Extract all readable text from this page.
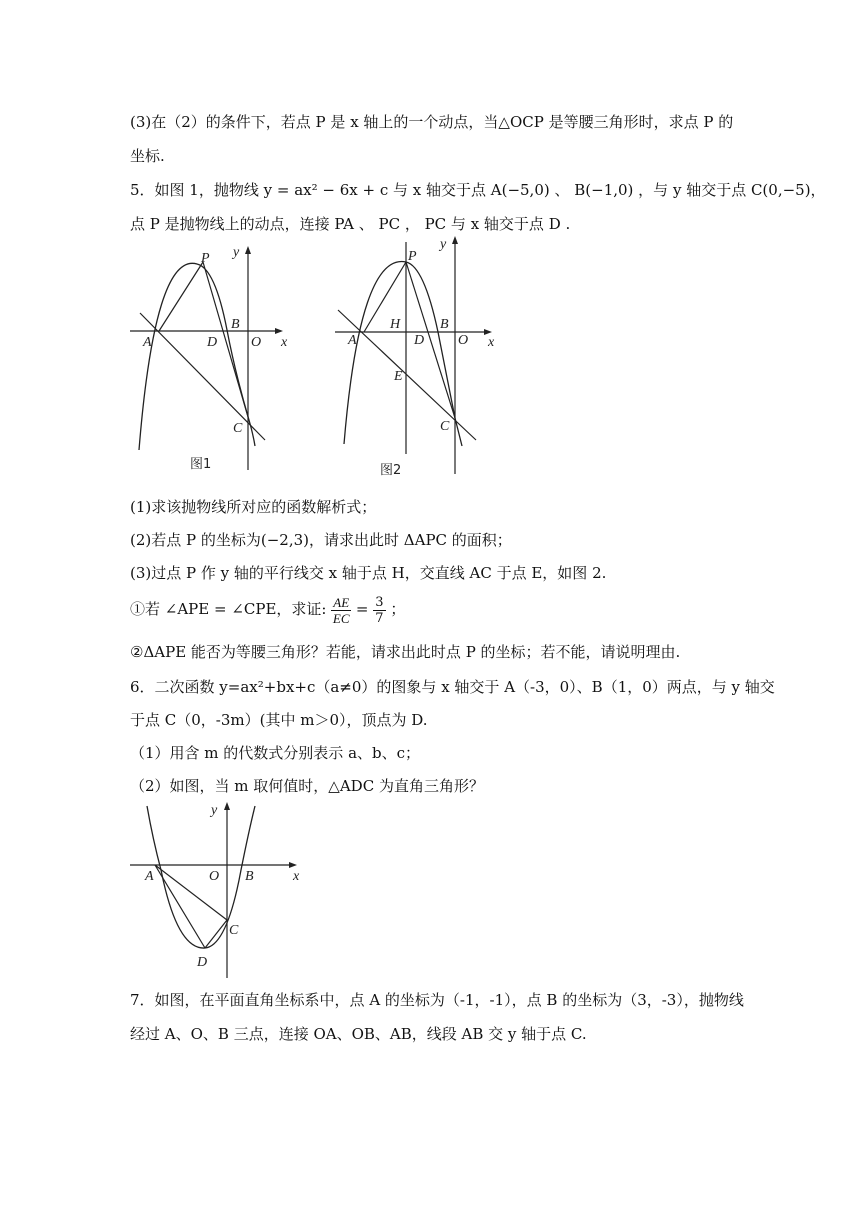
(3)在（2）的条件下，若点 P 是 x 轴上的一个动点，当△OCP 是等腰三角形时，求点 P 的
坐标.
5．如图 1，抛物线 y = ax² − 6x + c 与 x 轴交于点 A(−5,0) 、 B(−1,0) ，与 y 轴交于点 C(0,−5)，
点 P 是抛物线上的动点，连接 PA 、 PC ， PC 与 x 轴交于点 D .
y
x
P
B
A	D O
C
图1
y
x
P
H	B
A	D O
E
C
图2
(1)求该抛物线所对应的函数解析式；
(2)若点 P 的坐标为(−2,3)，请求出此时 ΔAPC 的面积；
(3)过点 P 作 y 轴的平行线交 x 轴于点 H，交直线 AC 于点 E，如图 2.
①若 ∠APE = ∠CPE，求证: $\frac{AE}{EC} = \frac{3}{7}$ ；
②ΔAPE 能否为等腰三角形？若能，请求出此时点 P 的坐标；若不能，请说明理由.
6．二次函数 y=ax²+bx+c（a≠0）的图象与 x 轴交于 A（-3，0）、B（1，0）两点，与 y 轴交
于点 C（0，-3m）(其中 m＞0），顶点为 D.
（1）用含 m 的代数式分别表示 a、b、c；
（2）如图，当 m 取何值时，△ADC 为直角三角形？
y
x
A	O B
C
D
7．如图，在平面直角坐标系中，点 A 的坐标为（-1，-1），点 B 的坐标为（3，-3），抛物线
经过 A、O、B 三点，连接 OA、OB、AB，线段 AB 交 y 轴于点 C.
